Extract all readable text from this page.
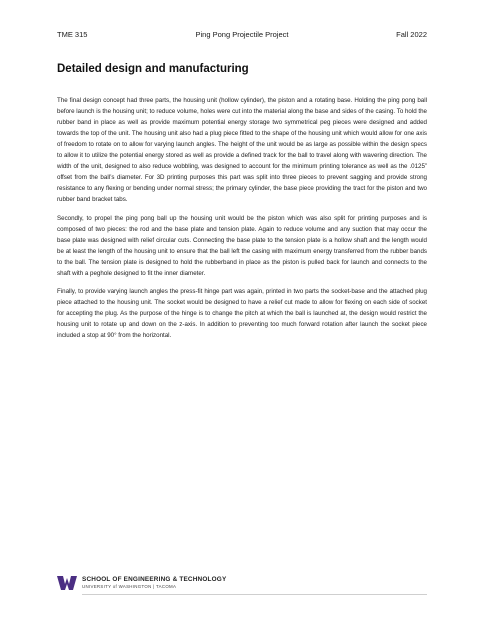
TME 315	Ping Pong Projectile Project	Fall 2022
Detailed design and manufacturing

The final design concept had three parts, the housing unit (hollow cylinder), the piston and a rotating base. Holding the ping pong ball before launch is the housing unit; to reduce volume, holes were cut into the material along the base and sides of the casing. To hold the rubber band in place as well as provide maximum potential energy storage two symmetrical peg pieces were designed and added towards the top of the unit. The housing unit also had a plug piece fitted to the shape of the housing unit which would allow for one axis of freedom to rotate on to allow for varying launch angles. The height of the unit would be as large as possible within the design specs to allow it to utilize the potential energy stored as well as provide a defined track for the ball to travel along with wavering direction. The width of the unit, designed to also reduce wobbling, was designed to account for the minimum printing tolerance as well as the .0125” offset from the ball’s diameter. For 3D printing purposes this part was split into three pieces to prevent sagging and provide strong resistance to any flexing or bending under normal stress; the primary cylinder, the base piece providing the tract for the piston and two rubber band bracket tabs.

Secondly, to propel the ping pong ball up the housing unit would be the piston which was also split for printing purposes and is composed of two pieces: the rod and the base plate and tension plate. Again to reduce volume and any suction that may occur the base plate was designed with relief circular cuts. Connecting the base plate to the tension plate is a hollow shaft and the length would be at least the length of the housing unit to ensure that the ball left the casing with maximum energy transferred from the rubber bands to the ball. The tension plate is designed to hold the rubberband in place as the piston is pulled back for launch and connects to the shaft with a peghole designed to fit the inner diameter.

Finally, to provide varying launch angles the press-fit hinge part was again, printed in two parts the socket-base and the attached plug piece attached to the housing unit. The socket would be designed to have a relief cut made to allow for flexing on each side of socket for accepting the plug. As the purpose of the hinge is to change the pitch at which the ball is launched at, the design would restrict the housing unit to rotate up and down on the z-axis. In addition to preventing too much forward rotation after launch the socket piece included a stop at 90° from the horizontal.

SCHOOL OF ENGINEERING & TECHNOLOGY
UNIVERSITY of WASHINGTON | TACOMA
